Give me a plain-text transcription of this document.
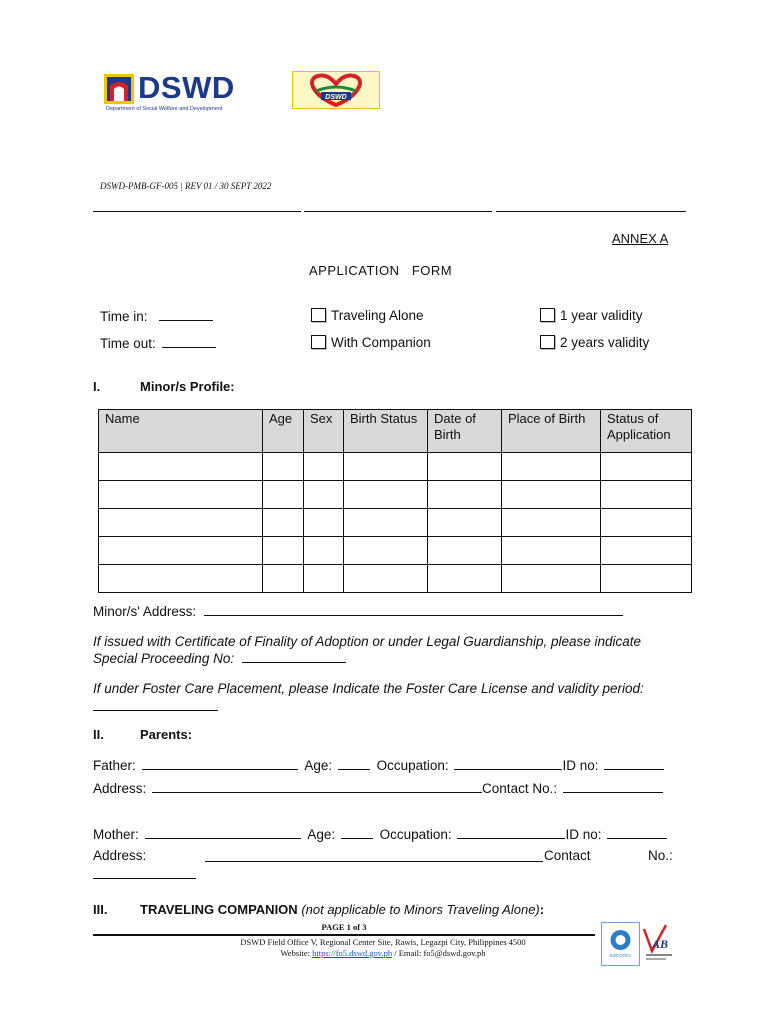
DSWD
Department of Social Welfare and Development
DSWD
DSWD-PMB-GF-005 | REV 01 / 30 SEPT 2022
ANNEX A
APPLICATION   FORM
Time in:
Time out:
Traveling Alone
With Companion
1 year validity
2 years validity
I.	Minor/s Profile:
Name	Age	Sex	Birth Status	Date of Birth	Place of Birth	Status of Application

Minor/s' Address:
If issued with Certificate of Finality of Adoption or under Legal Guardianship, please indicate
Special Proceeding No:
If under Foster Care Placement, please Indicate the Foster Care License and validity period:
II.	Parents:
Father:	Age:	Occupation:	ID no:
Address:	Contact No.:
Mother:	Age:	Occupation:	ID no:
Address:	Contact	No.:
III.	TRAVELING COMPANION (not applicable to Minors Traveling Alone):
PAGE 1 of 3
DSWD Field Office V, Regional Center Site, Rawis, Legazpi City, Philippines 4500
Website: https://fo5.dswd.gov.ph / Email: fo5@dswd.gov.ph	SOCOTEC
AB
